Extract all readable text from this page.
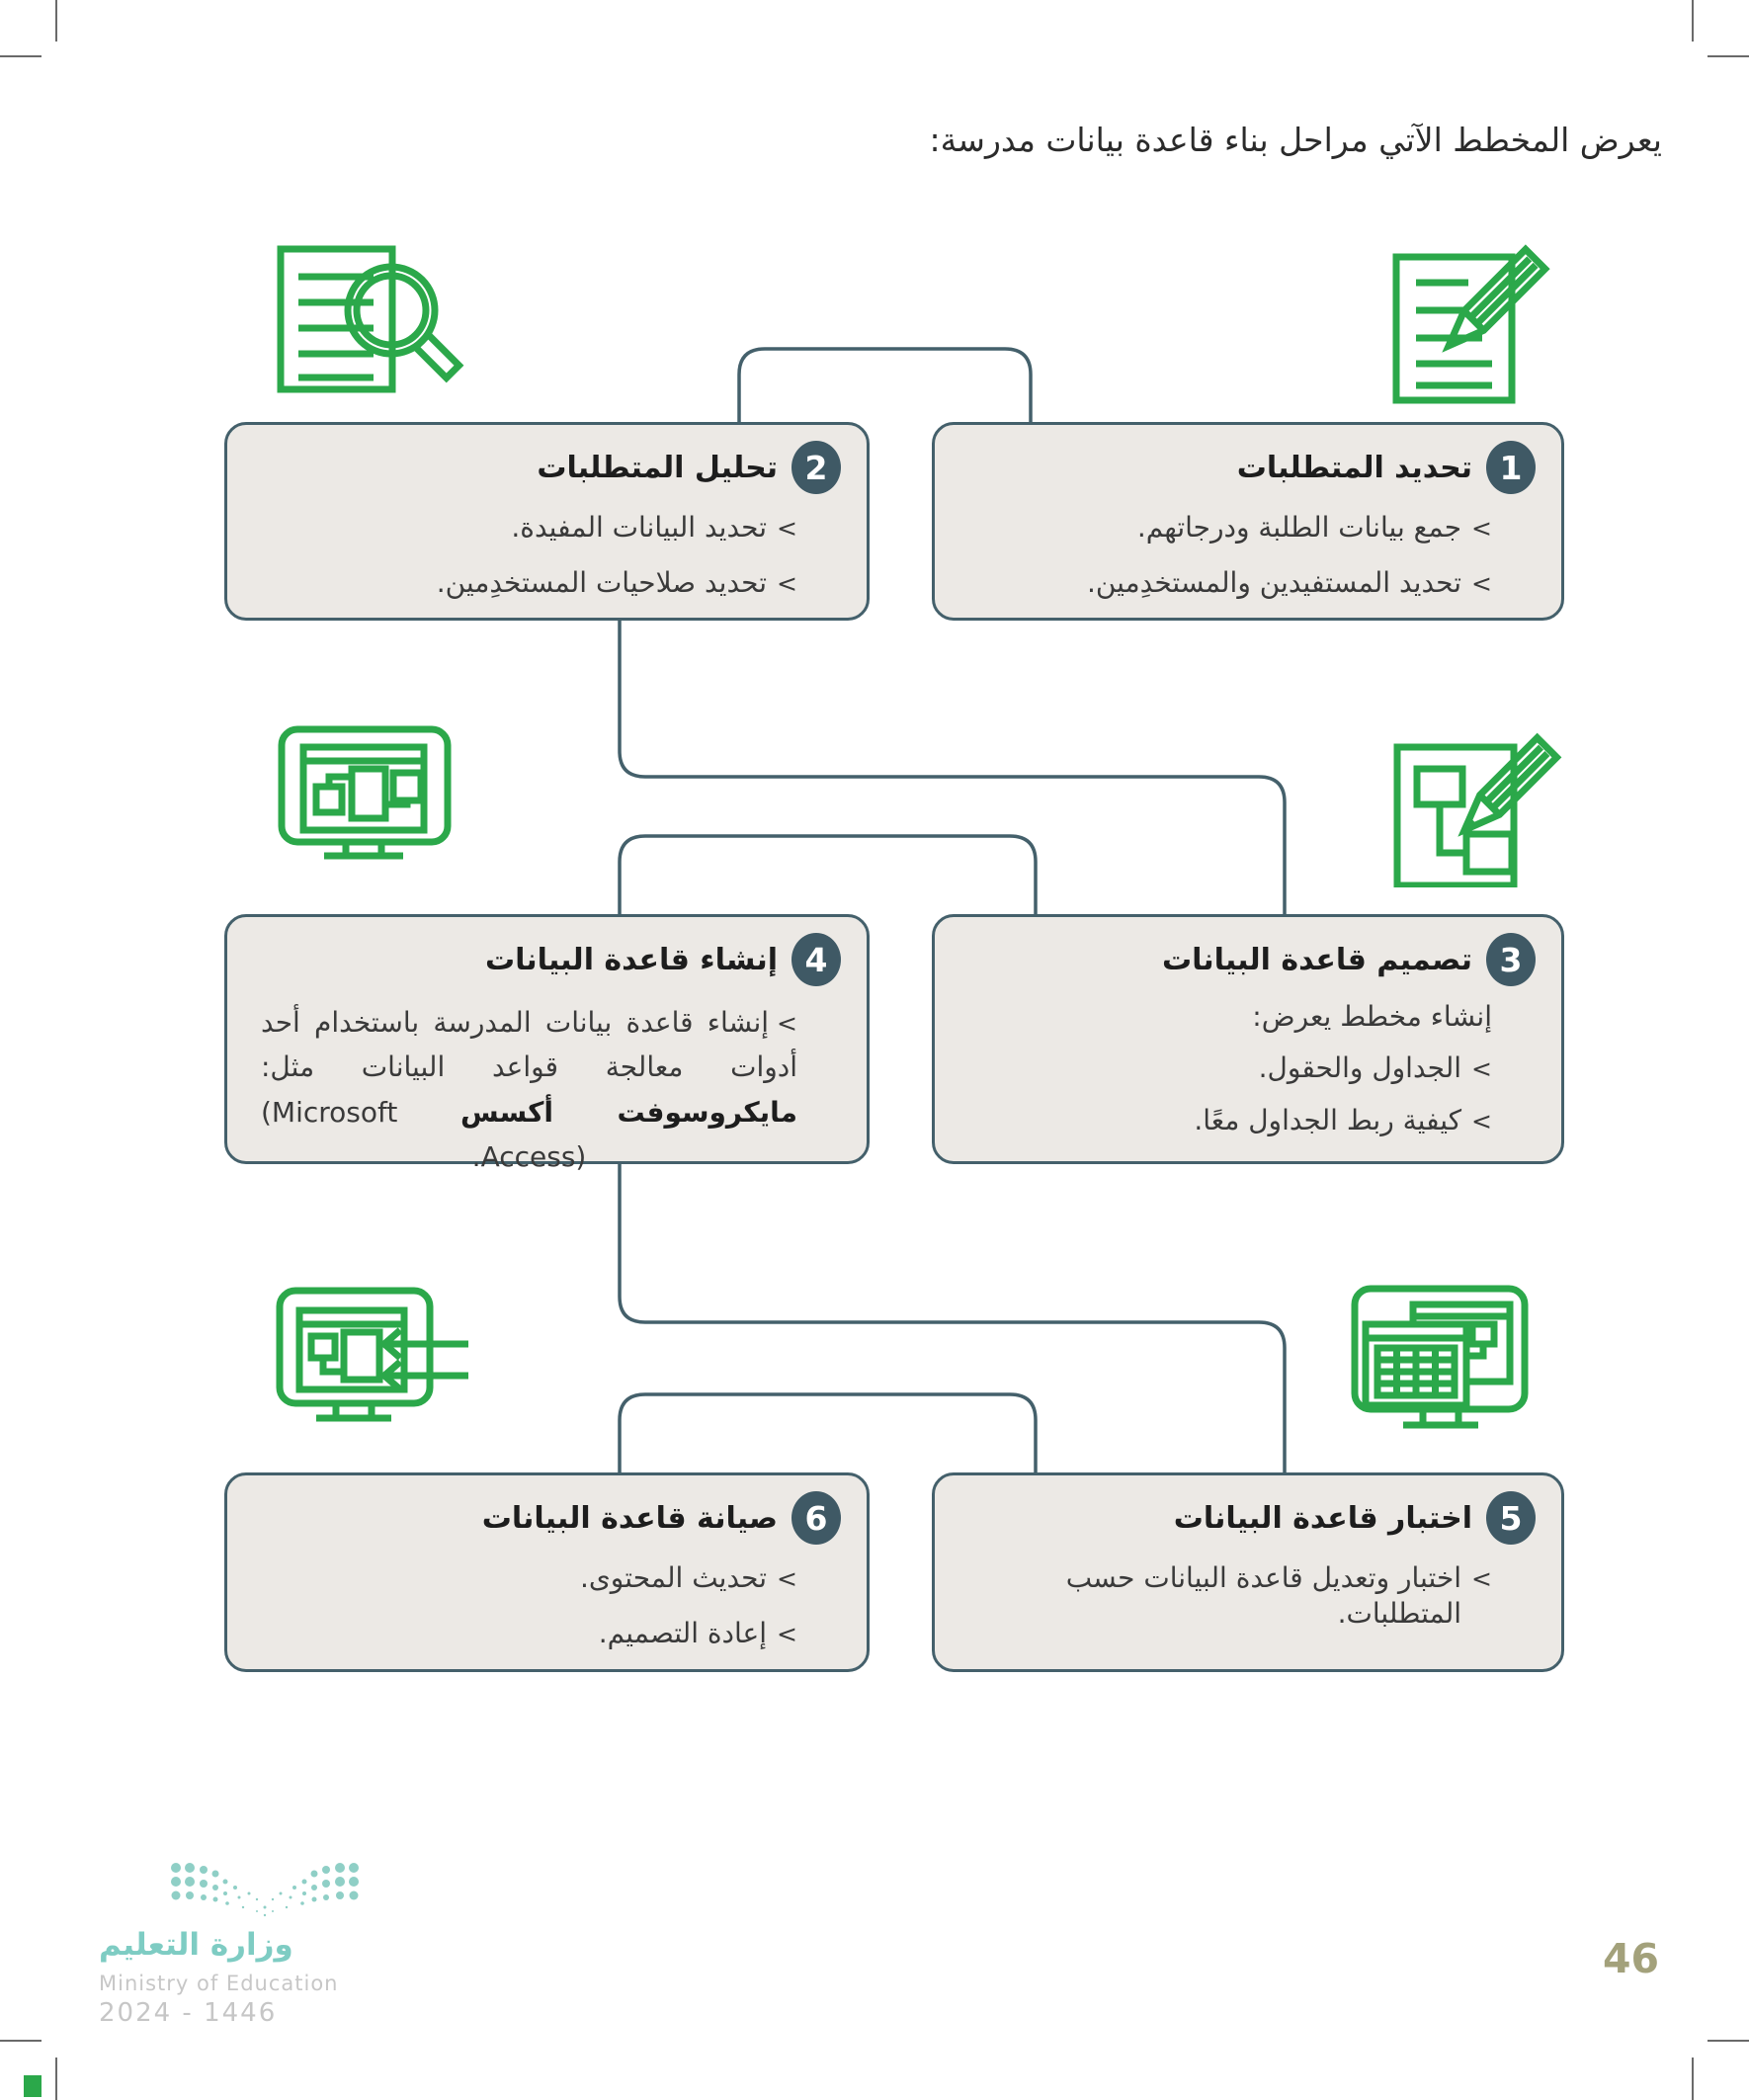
يعرض المخطط الآتي مراحل بناء قاعدة بيانات مدرسة:
1
تحديد المتطلبات
<
جمع بيانات الطلبة ودرجاتهم.
<
تحديد المستفيدين والمستخدِمين.
2
تحليل المتطلبات
<
تحديد البيانات المفيدة.
<
تحديد صلاحيات المستخدِمين.
3
تصميم قاعدة البيانات
إنشاء مخطط يعرض:
<
الجداول والحقول.
<
كيفية ربط الجداول معًا.
4
إنشاء قاعدة البيانات
<إنشاء قاعدة بيانات المدرسة باستخدام أحد أدوات معالجة قواعد البيانات مثل: مايكروسوفت أكسس (Microsoft Access).
5
اختبار قاعدة البيانات
<
اختبار وتعديل قاعدة البيانات حسب المتطلبات.
6
صيانة قاعدة البيانات
<
تحديث المحتوى.
<
إعادة التصميم.
وزارة التعليم
Ministry of Education
2024 - 1446
46
